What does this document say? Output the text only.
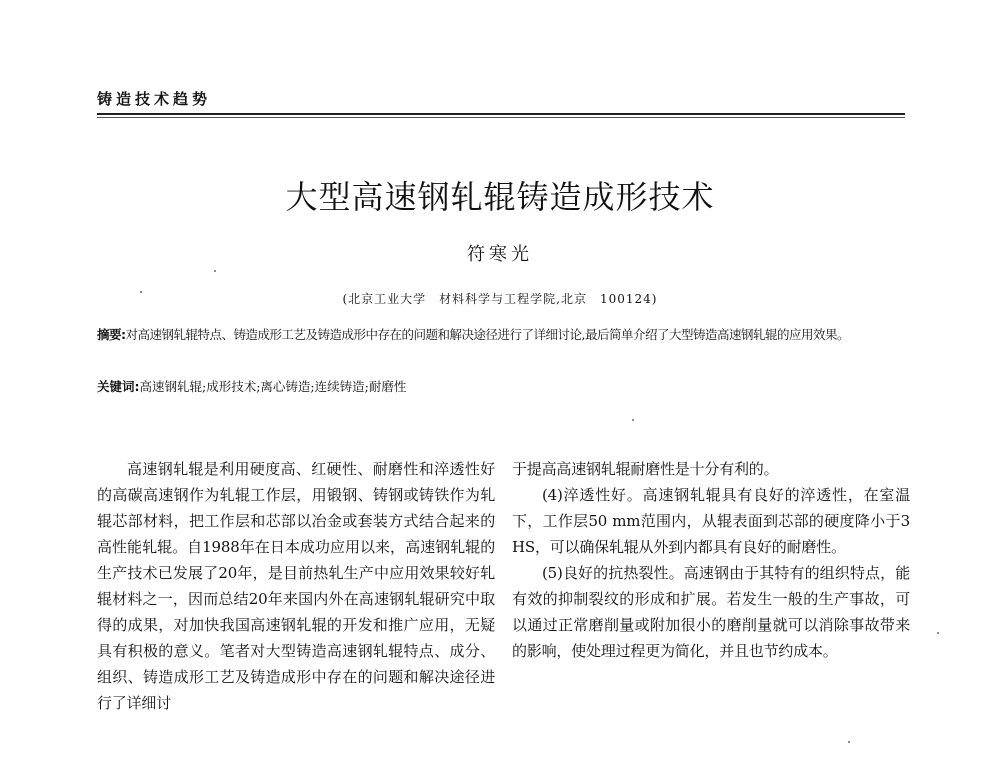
铸造技术趋势
大型高速钢轧辊铸造成形技术
符寒光
(北京工业大学　材料科学与工程学院,北京　100124)
摘要:对高速钢轧辊特点、铸造成形工艺及铸造成形中存在的问题和解决途径进行了详细讨论,最后简单介绍了大型铸造高速钢轧辊的应用效果。
关键词:高速钢轧辊;成形技术;离心铸造;连续铸造;耐磨性

高速钢轧辊是利用硬度高、红硬性、耐磨性和淬透性好的高碳高速钢作为轧辊工作层，用锻钢、铸钢或铸铁作为轧辊芯部材料，把工作层和芯部以冶金或套装方式结合起来的高性能轧辊。自1988年在日本成功应用以来，高速钢轧辊的生产技术已发展了20年，是目前热轧生产中应用效果较好轧辊材料之一，因而总结20年来国内外在高速钢轧辊研究中取得的成果，对加快我国高速钢轧辊的开发和推广应用，无疑具有积极的意义。笔者对大型铸造高速钢轧辊特点、成分、组织、铸造成形工艺及铸造成形中存在的问题和解决途径进行了详细讨

于提高高速钢轧辊耐磨性是十分有利的。

(4)淬透性好。高速钢轧辊具有良好的淬透性，在室温下，工作层50 mm范围内，从辊表面到芯部的硬度降小于3 HS，可以确保轧辊从外到内都具有良好的耐磨性。

(5)良好的抗热裂性。高速钢由于其特有的组织特点，能有效的抑制裂纹的形成和扩展。若发生一般的生产事故，可以通过正常磨削量或附加很小的磨削量就可以消除事故带来的影响，使处理过程更为简化，并且也节约成本。
